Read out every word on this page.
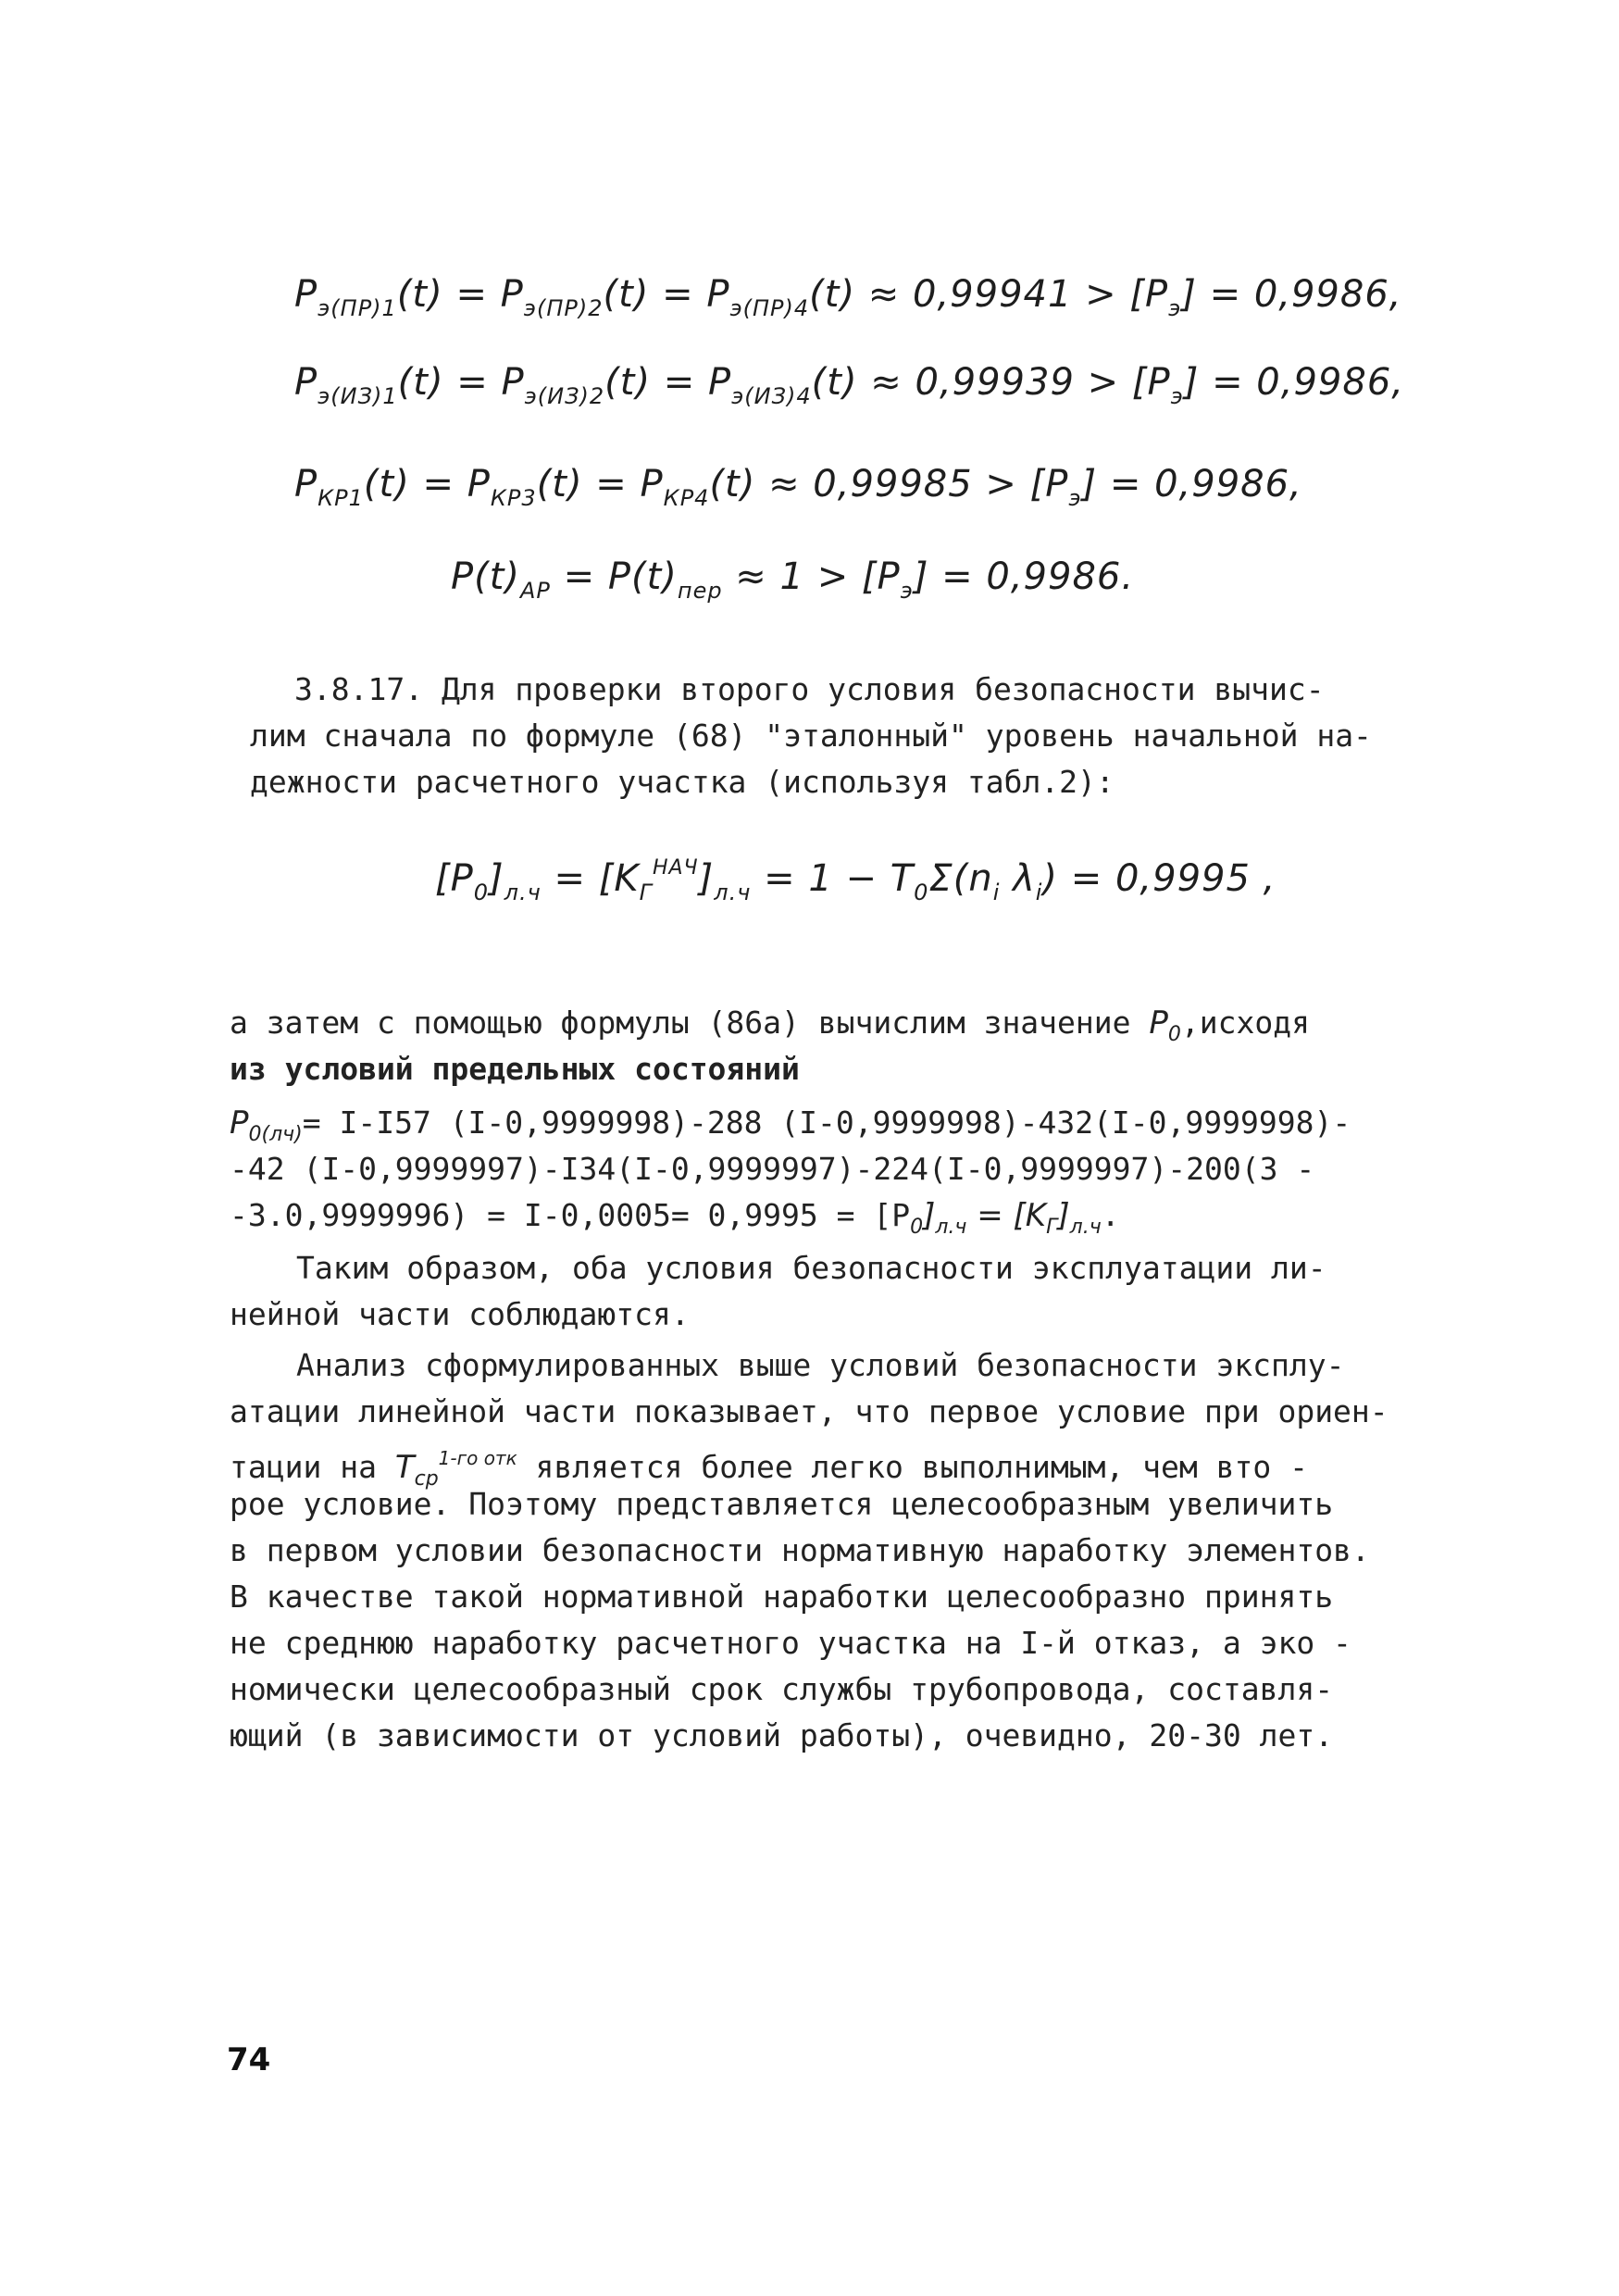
$P_{э(ПР)1}(t) = P_{э(ПР)2}(t) = P_{э(ПР)4}(t) \approx 0,99941 > [P_э] = 0,9986$,
$P_{э(ИЗ)1}(t) = P_{э(ИЗ)2}(t) = P_{э(ИЗ)4}(t) \approx 0,99939 > [P_э] = 0,9986$,
$P_{КР1}(t) = P_{КР3}(t) = P_{КР4}(t) \approx 0,99985 > [P_э] = 0,9986$,
$P(t)_{АР} = P(t)_{пер} \approx 1 > [P_э] = 0,9986$.
3.8.17. Для проверки второго условия безопасности вычис-
лим сначала по формуле (68) "эталонный" уровень начальной на-
дежности расчетного участка (используя табл.2):
$[P_0]_{л.ч} = [K_Г^{НАЧ}]_{л.ч} = 1 - T_0\Sigma(n_i$ $\lambda_i) = 0,9995$ ,
а затем с помощью формулы (86а) вычислим значение $P_0,исходя$
из условий предельных состояний
$P_{0(лч)}= I-I57$ (I-0,9999998)-288 (I-0,9999998)-432(I-0,9999998)-
-42 (I-0,9999997)-I34(I-0,9999997)-224(I-0,9999997)-200(3 -
$-3.0,9999996) = I-0,0005= 0,9995 = [P_0]_{л.ч} = [K_Г]_{л.ч}$.
Таким образом, оба условия безопасности эксплуатации ли-
нейной части соблюдаются.
Анализ сформулированных выше условий безопасности эксплу-
атации линейной части показывает, что первое условие при ориен-
тации на $T_{ср}^{1-го отк}$ является более легко выполнимым, чем вто -
рое условие. Поэтому представляется целесообразным увеличить
в первом условии безопасности нормативную наработку элементов.
В качестве такой нормативной наработки целесообразно принять
не среднюю наработку расчетного участка на I-й отказ, а эко -
номически целесообразный срок службы трубопровода, составля-
ющий (в зависимости от условий работы), очевидно, 20-30 лет.
74
